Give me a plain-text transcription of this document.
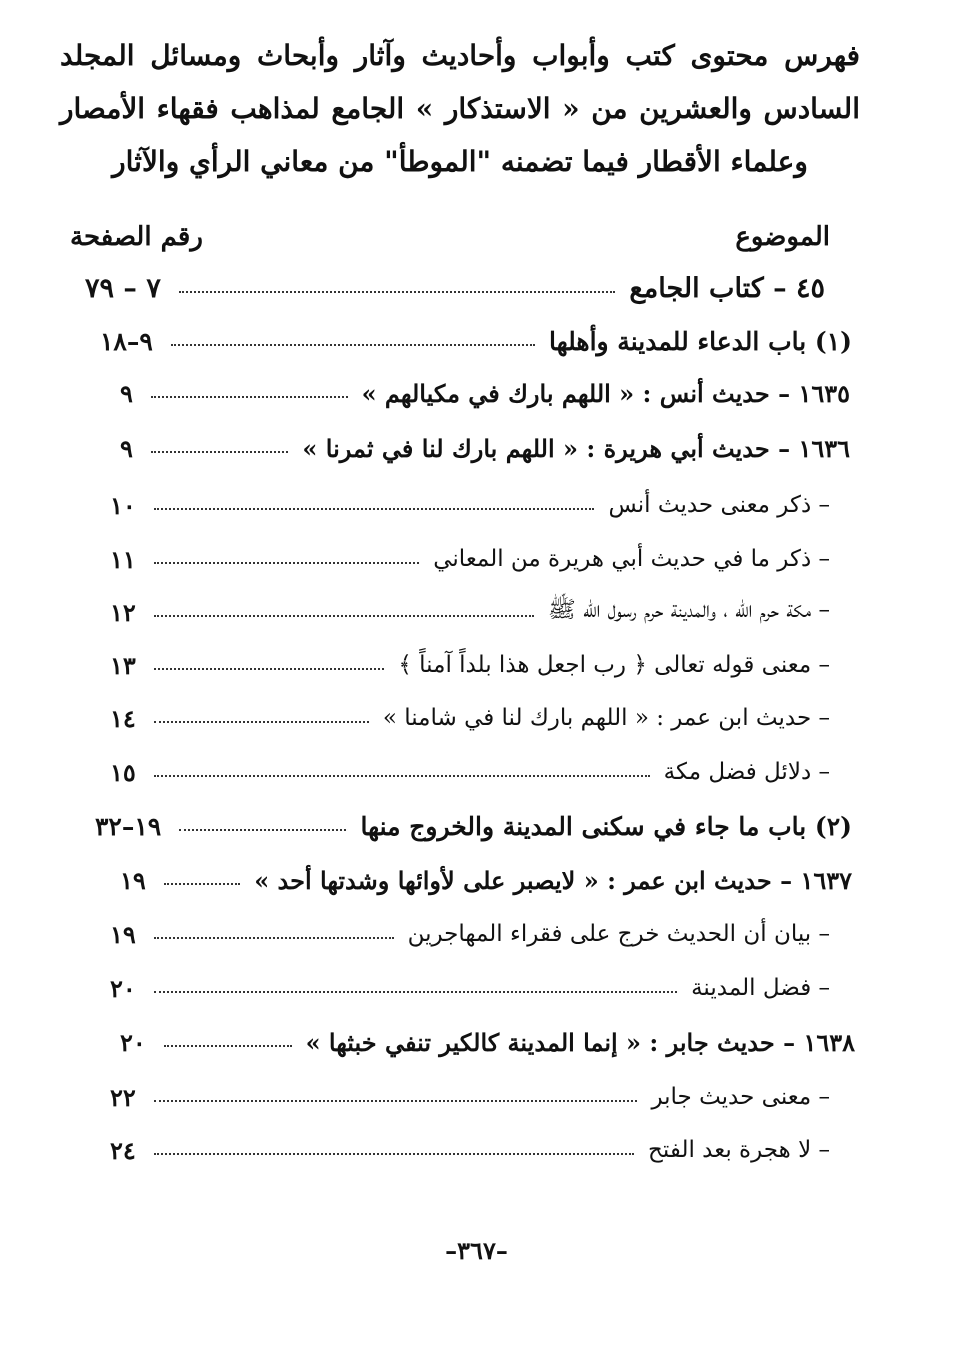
فهرس محتوى كتب وأبواب وأحاديث وآثار وأبحاث ومسائل المجلد
السادس والعشرين من « الاستذكار » الجامع لمذاهب فقهاء الأمصار
وعلماء الأقطار فيما تضمنه "الموطأ" من معاني الرأي والآثار
الموضوع
رقم الصفحة
٤٥ – كتاب الجامع
٧ – ٧٩
(١) باب الدعاء للمدينة وأهلها
٩–١٨
١٦٣٥ – حديث أنس : « اللهم بارك في مكيالهم »
٩
١٦٣٦ – حديث أبي هريرة : « اللهم بارك لنا في ثمرنا »
٩
– ذكر معنى حديث أنس
١٠
– ذكر ما في حديث أبي هريرة من المعاني
١١
– مكة حرم الله ، والمدينة حرم رسول الله ﷺ
١٢
– معنى قوله تعالى ﴿ رب اجعل هذا بلداً آمناً ﴾
١٣
– حديث ابن عمر : « اللهم بارك لنا في شامنا »
١٤
– دلائل فضل مكة
١٥
(٢) باب ما جاء في سكنى المدينة والخروج منها
١٩–٣٢
١٦٣٧ – حديث ابن عمر : « لايصبر على لأوائها وشدتها أحد »
١٩
– بيان أن الحديث خرج على فقراء المهاجرين
١٩
– فضل المدينة
٢٠
١٦٣٨ – حديث جابر : « إنما المدينة كالكير تنفي خبثها »
٢٠
– معنى حديث جابر
٢٢
– لا هجرة بعد الفتح
٢٤
–٣٦٧–
